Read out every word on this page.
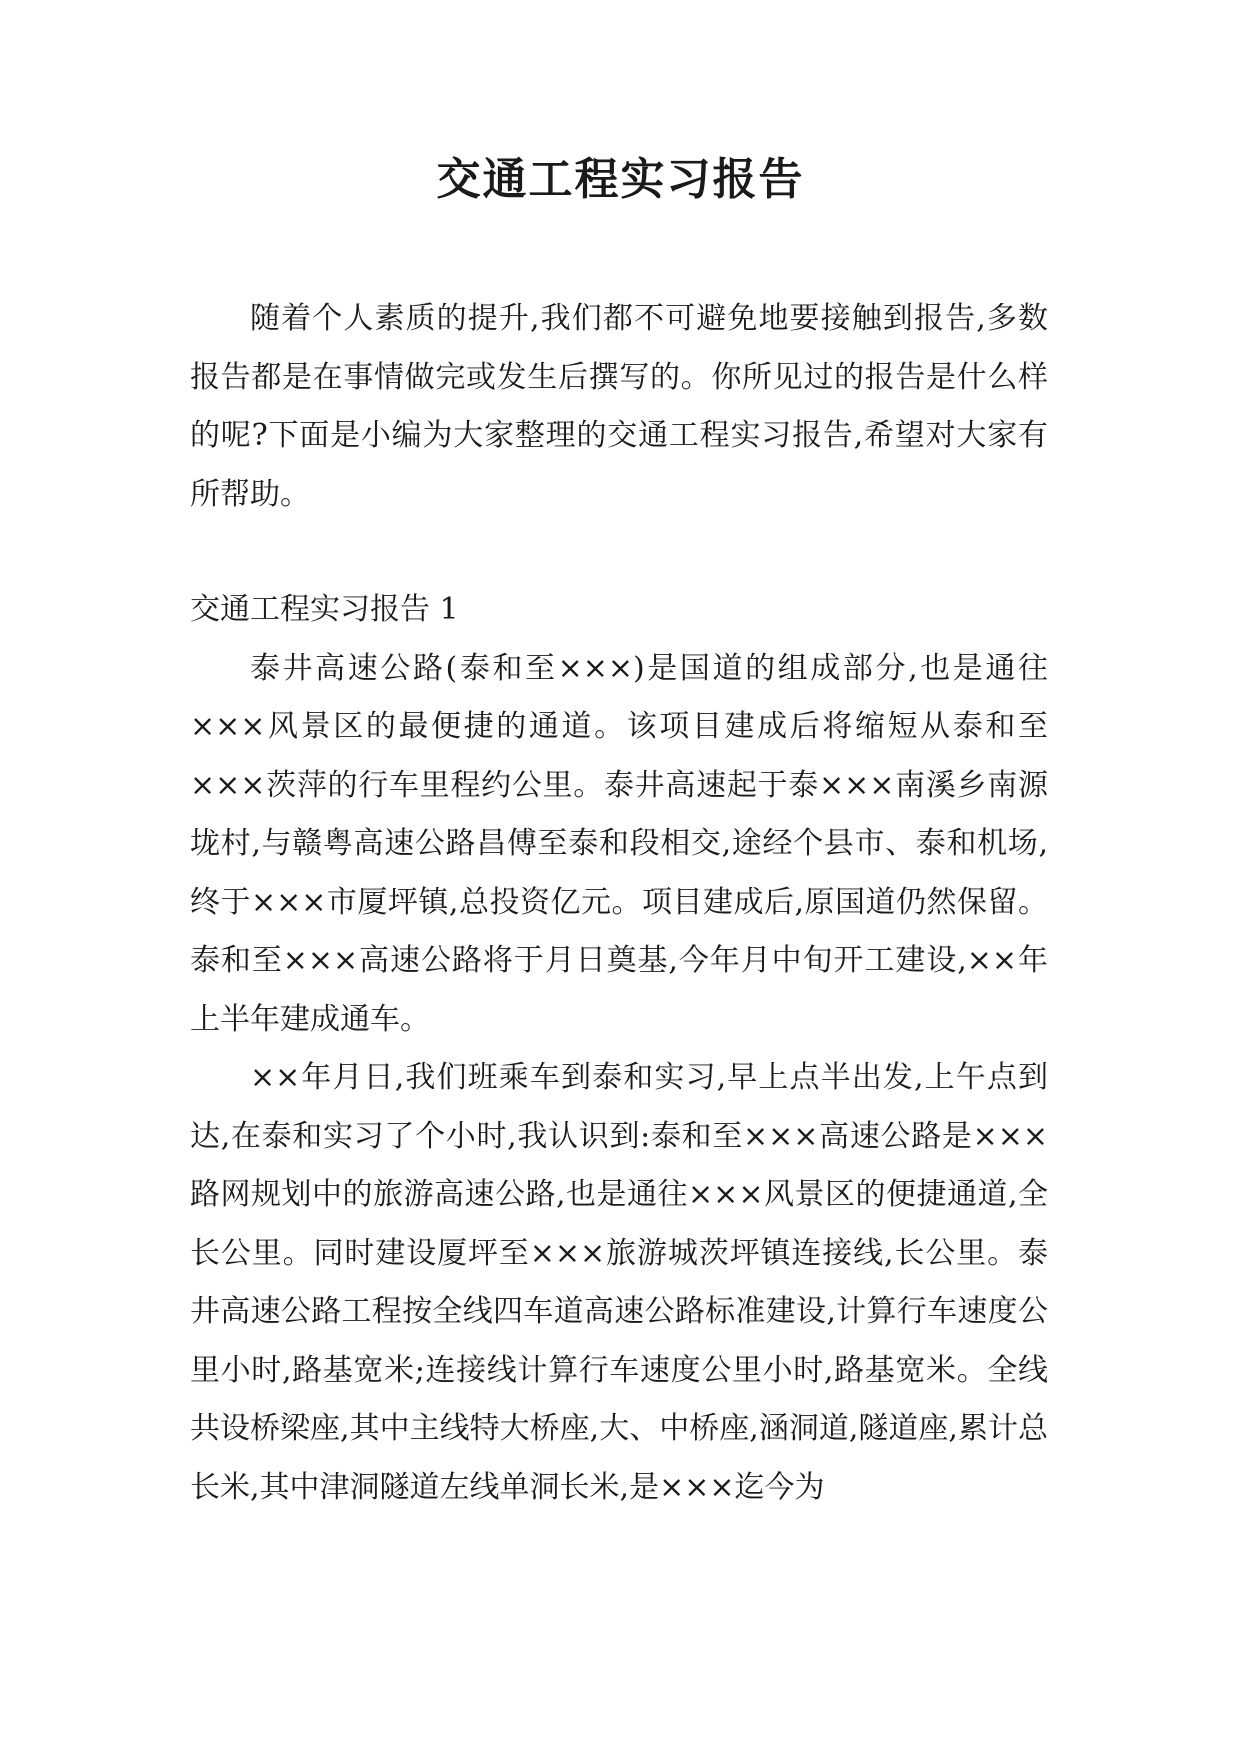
交通工程实习报告

随着个人素质的提升,我们都不可避免地要接触到报告,多数报告都是在事情做完或发生后撰写的。你所见过的报告是什么样的呢?下面是小编为大家整理的交通工程实习报告,希望对大家有所帮助。

交通工程实习报告 1

泰井高速公路(泰和至×××)是国道的组成部分,也是通往×××风景区的最便捷的通道。该项目建成后将缩短从泰和至×××茨萍的行车里程约公里。泰井高速起于泰×××南溪乡南源垅村,与赣粤高速公路昌傅至泰和段相交,途经个县市、泰和机场,终于×××市厦坪镇,总投资亿元。项目建成后,原国道仍然保留。泰和至×××高速公路将于月日奠基,今年月中旬开工建设,××年上半年建成通车。

××年月日,我们班乘车到泰和实习,早上点半出发,上午点到达,在泰和实习了个小时,我认识到:泰和至×××高速公路是×××路网规划中的旅游高速公路,也是通往×××风景区的便捷通道,全长公里。同时建设厦坪至×××旅游城茨坪镇连接线,长公里。泰井高速公路工程按全线四车道高速公路标准建设,计算行车速度公里小时,路基宽米;连接线计算行车速度公里小时,路基宽米。全线共设桥梁座,其中主线特大桥座,大、中桥座,涵洞道,隧道座,累计总长米,其中津洞隧道左线单洞长米,是×××迄今为
